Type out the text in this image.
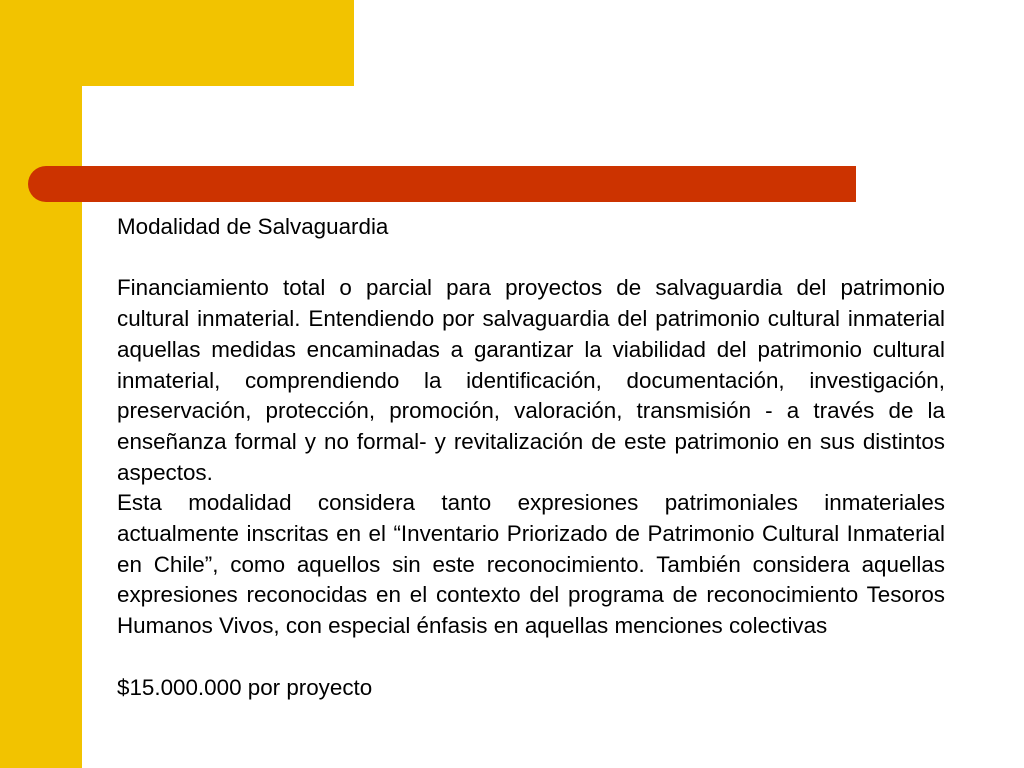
Modalidad de Salvaguardia

Financiamiento total o parcial para proyectos de salvaguardia del patrimonio cultural inmaterial. Entendiendo por salvaguardia del patrimonio cultural inmaterial aquellas medidas encaminadas a garantizar la viabilidad del patrimonio cultural inmaterial, comprendiendo la identificación, documentación, investigación, preservación, protección, promoción, valoración, transmisión - a través de la enseñanza formal y no formal- y revitalización de este patrimonio en sus distintos aspectos.

Esta modalidad considera tanto expresiones patrimoniales inmateriales actualmente inscritas en el “Inventario Priorizado de Patrimonio Cultural Inmaterial en Chile”, como aquellos sin este reconocimiento. También considera aquellas expresiones reconocidas en el contexto del programa de reconocimiento Tesoros Humanos Vivos, con especial énfasis en aquellas menciones colectivas

$15.000.000 por proyecto
